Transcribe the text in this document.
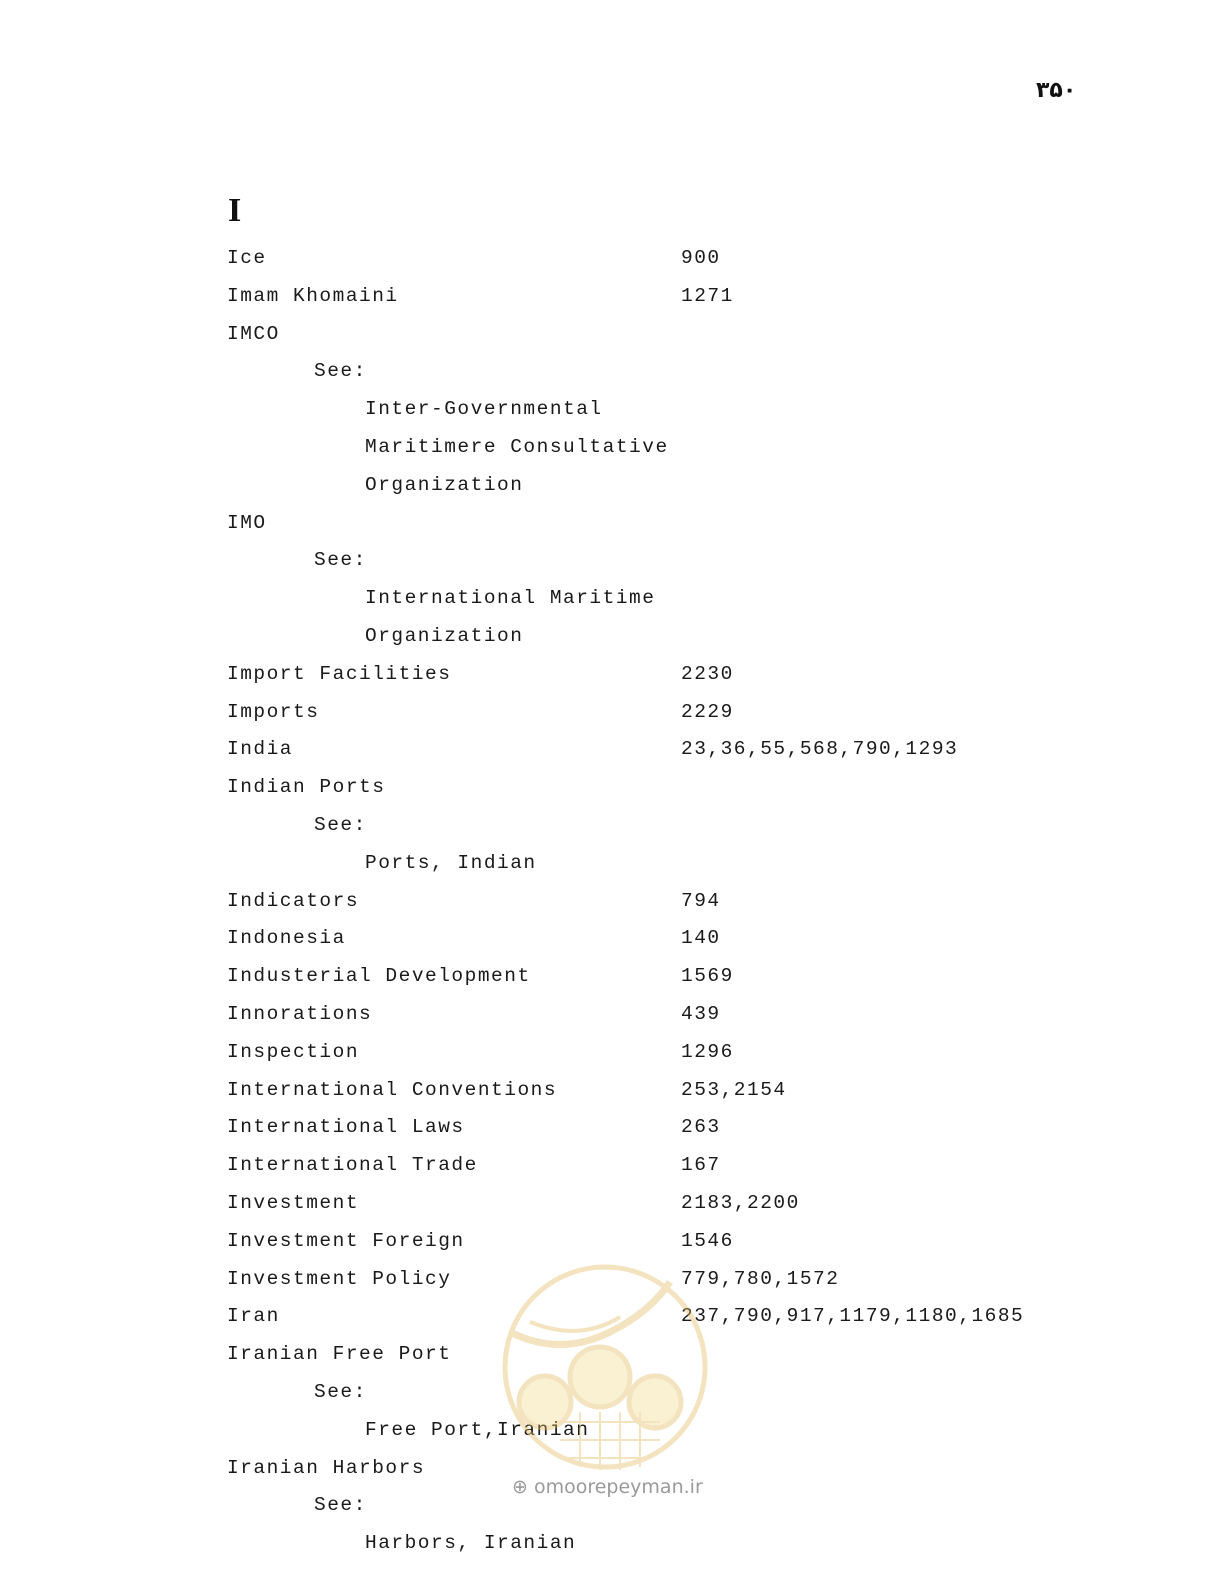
۳۵۰
I
Ice	900
Imam Khomaini	1271
IMCO
See:
Inter-Governmental
Maritimere Consultative
Organization
IMO
See:
International Maritime
Organization
Import Facilities	2230
Imports	2229
India	23,36,55,568,790,1293
Indian Ports
See:
Ports, Indian
Indicators	794
Indonesia	140
Industerial Development	1569
Innorations	439
Inspection	1296
International Conventions	253,2154
International Laws	263
International Trade	167
Investment	2183,2200
Investment Foreign	1546
Investment Policy	779,780,1572
Iran	237,790,917,1179,1180,1685
Iranian Free Port
See:
Free Port,Iranian
Iranian Harbors
See:
Harbors, Iranian
⊕ omoorepeyman.ir
